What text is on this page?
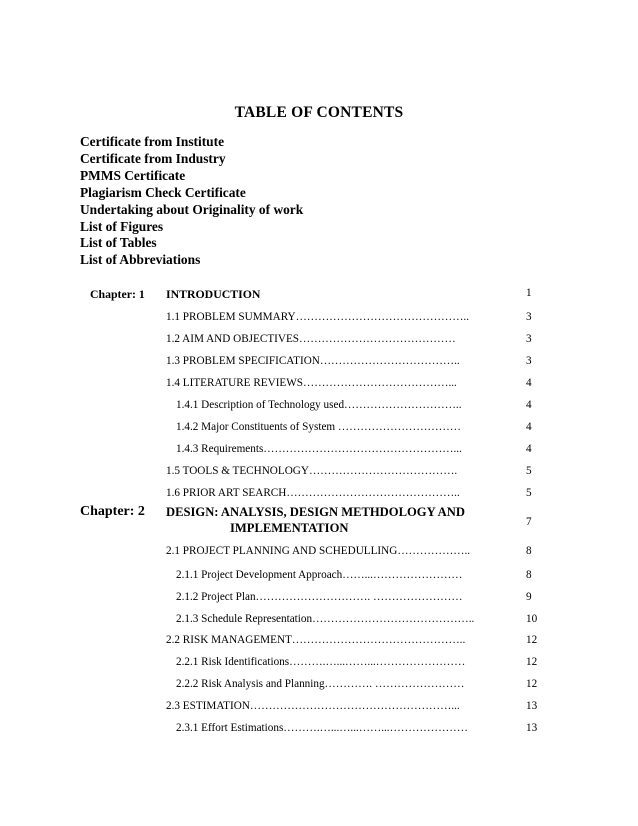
TABLE OF CONTENTS
Certificate from Institute
Certificate from Industry
PMMS Certificate
Plagiarism Check Certificate
Undertaking about Originality of work
List of Figures
List of Tables
List of Abbreviations
Chapter: 1 INTRODUCTION	1
1.1 PROBLEM SUMMARY………………………………………..	3
1.2 AIM AND OBJECTIVES……………………………………	3
1.3 PROBLEM SPECIFICATION………………………………..	3
1.4 LITERATURE REVIEWS…………………………………...	4
1.4.1 Description of Technology used…………………………..	4
1.4.2 Major Constituents of System ……………………………	4
1.4.3 Requirements……………………………………………...	4
1.5 TOOLS & TECHNOLOGY………………………………….	5
1.6 PRIOR ART SEARCH………………………………………..	5
Chapter: 2 DESIGN: ANALYSIS, DESIGN METHDOLOGY AND
IMPLEMENTATION	7
2.1 PROJECT PLANNING AND SCHEDULLING………………..	8
2.1.1 Project Development Approach……...……………………	8
2.1.2 Project Plan…………………………. ……………………	9
2.1.3 Schedule Representation……………………………………..	10
2.2 RISK MANAGEMENT………………………………………..	12
2.2.1 Risk Identifications……….…...……...……………………	12
2.2.2 Risk Analysis and Planning…………. ……………………	12
2.3 ESTIMATION………………………………………………...	13
2.3.1 Effort Estimations……….…...…...……...…………………	13
